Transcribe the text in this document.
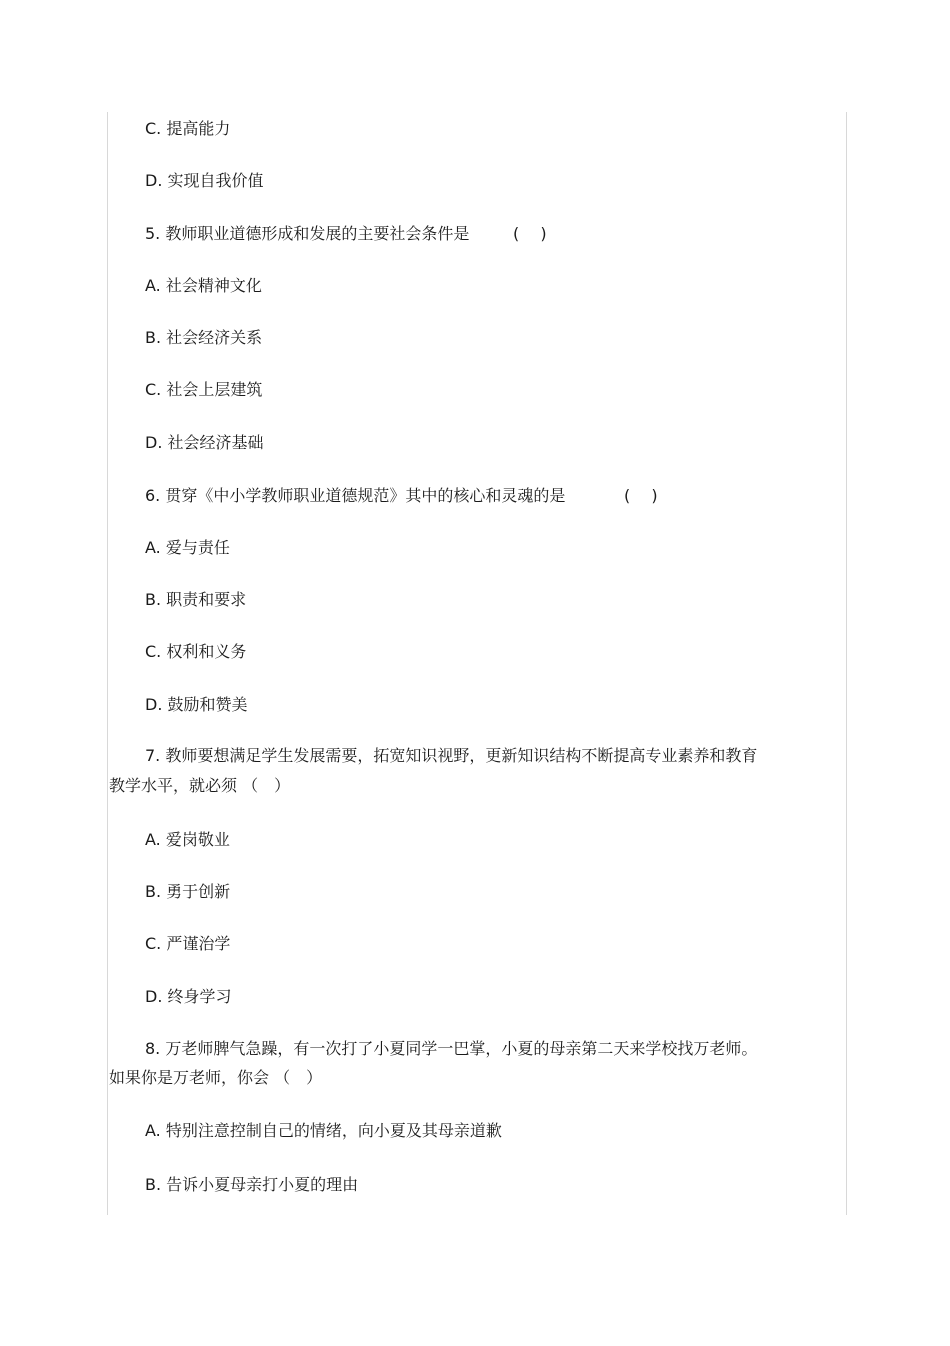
C. 提高能力

D. 实现自我价值

5. 教师职业道德形成和发展的主要社会条件是	(　 )

A. 社会精神文化

B. 社会经济关系

C. 社会上层建筑

D. 社会经济基础

6. 贯穿《中小学教师职业道德规范》其中的核心和灵魂的是	(　 )

A. 爱与责任

B. 职责和要求

C. 权利和义务

D. 鼓励和赞美

7. 教师要想满足学生发展需要，拓宽知识视野，更新知识结构不断提高专业素养和教育

教学水平，就必须 （　）

A. 爱岗敬业

B. 勇于创新

C. 严谨治学

D. 终身学习

8. 万老师脾气急躁，有一次打了小夏同学一巴掌，小夏的母亲第二天来学校找万老师。

如果你是万老师，你会 （　）

A. 特别注意控制自己的情绪，向小夏及其母亲道歉

B. 告诉小夏母亲打小夏的理由
